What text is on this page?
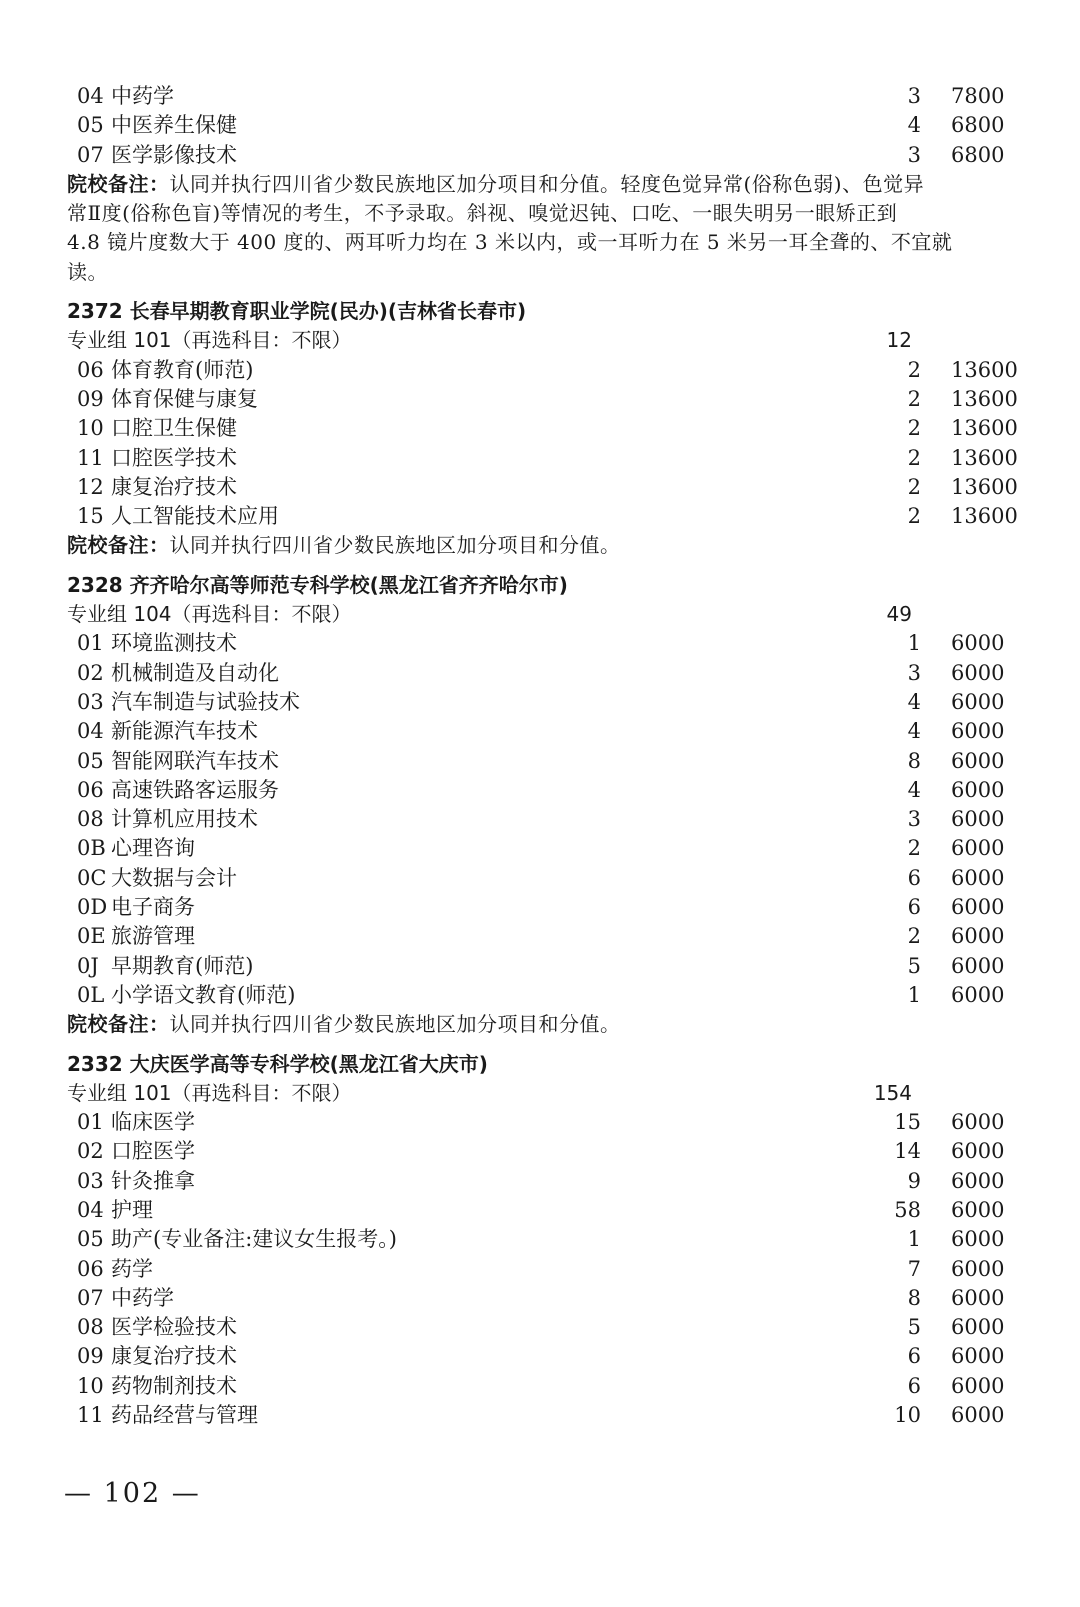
04 中药学	3 7800
05 中医养生保健	4 6800
07 医学影像技术	3 6800
院校备注：认同并执行四川省少数民族地区加分项目和分值。轻度色觉异常(俗称色弱)、色觉异
常Ⅱ度(俗称色盲)等情况的考生，不予录取。斜视、嗅觉迟钝、口吃、一眼失明另一眼矫正到
4.8 镜片度数大于 400 度的、两耳听力均在 3 米以内，或一耳听力在 5 米另一耳全聋的、不宜就
读。
2372 长春早期教育职业学院(民办)(吉林省长春市)
专业组 101（再选科目：不限）	12
06 体育教育(师范)	2 13600
09 体育保健与康复	2 13600
10 口腔卫生保健	2 13600
11 口腔医学技术	2 13600
12 康复治疗技术	2 13600
15 人工智能技术应用	2 13600
院校备注：认同并执行四川省少数民族地区加分项目和分值。
2328 齐齐哈尔高等师范专科学校(黑龙江省齐齐哈尔市)
专业组 104（再选科目：不限）	49
01 环境监测技术	1 6000
02 机械制造及自动化	3 6000
03 汽车制造与试验技术	4 6000
04 新能源汽车技术	4 6000
05 智能网联汽车技术	8 6000
06 高速铁路客运服务	4 6000
08 计算机应用技术	3 6000
0B 心理咨询	2 6000
0C 大数据与会计	6 6000
0D 电子商务	6 6000
0E 旅游管理	2 6000
0J 早期教育(师范)	5 6000
0L 小学语文教育(师范)	1 6000
院校备注：认同并执行四川省少数民族地区加分项目和分值。
2332 大庆医学高等专科学校(黑龙江省大庆市)
专业组 101（再选科目：不限）	154
01 临床医学	15 6000
02 口腔医学	14 6000
03 针灸推拿	9 6000
04 护理	58 6000
05 助产(专业备注:建议女生报考。)	1 6000
06 药学	7 6000
07 中药学	8 6000
08 医学检验技术	5 6000
09 康复治疗技术	6 6000
10 药物制剂技术	6 6000
11 药品经营与管理	10 6000
— 102 —
